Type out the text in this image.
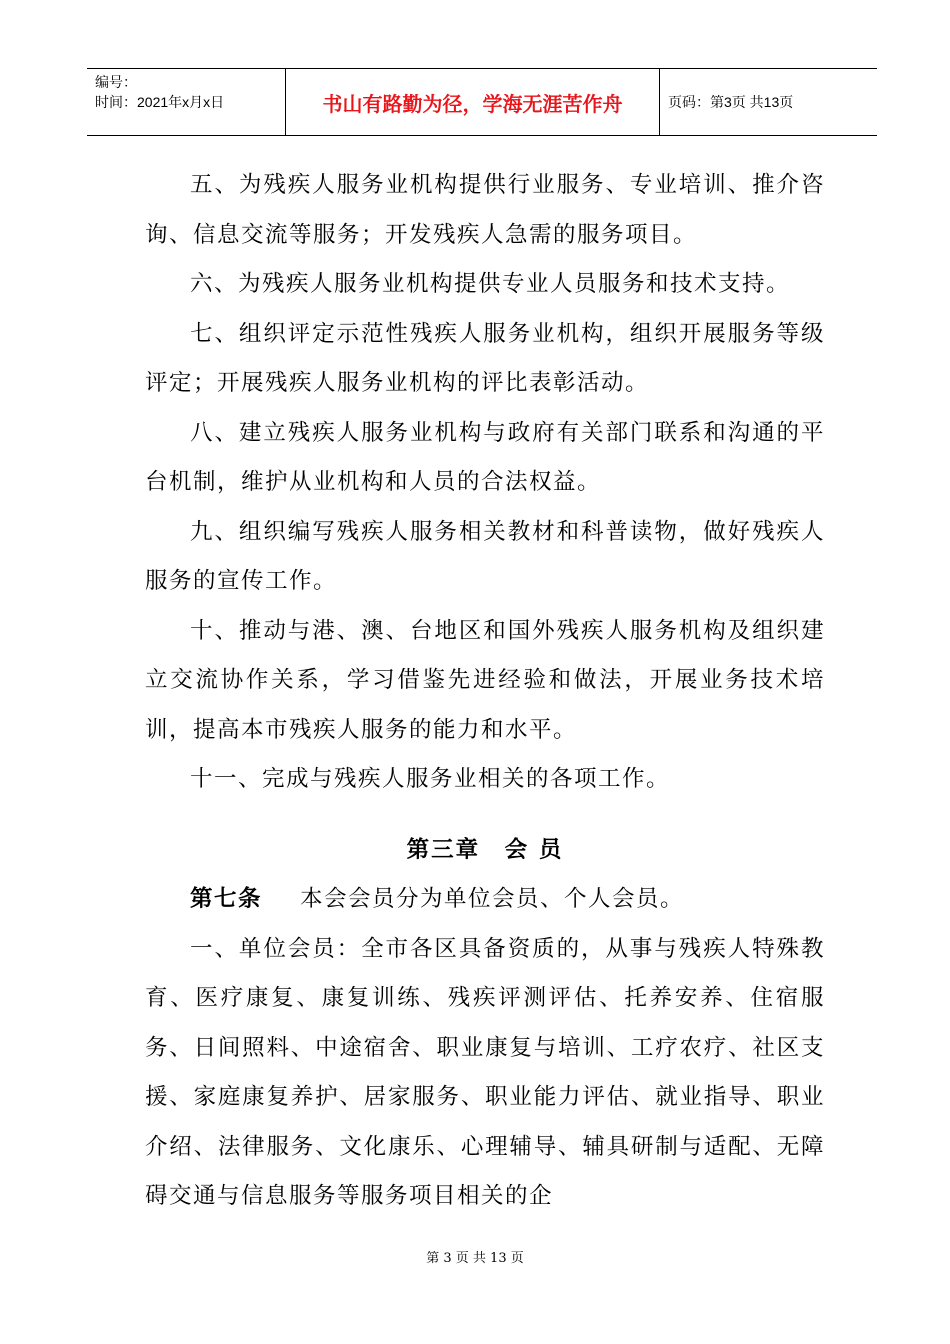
编号：
时间：2021年x月x日	书山有路勤为径，学海无涯苦作舟	页码：第3页 共13页

五、为残疾人服务业机构提供行业服务、专业培训、推介咨询、信息交流等服务；开发残疾人急需的服务项目。

六、为残疾人服务业机构提供专业人员服务和技术支持。

七、组织评定示范性残疾人服务业机构，组织开展服务等级评定；开展残疾人服务业机构的评比表彰活动。

八、建立残疾人服务业机构与政府有关部门联系和沟通的平台机制，维护从业机构和人员的合法权益。

九、组织编写残疾人服务相关教材和科普读物，做好残疾人服务的宣传工作。

十、推动与港、澳、台地区和国外残疾人服务机构及组织建立交流协作关系，学习借鉴先进经验和做法，开展业务技术培训，提高本市残疾人服务的能力和水平。

十一、完成与残疾人服务业相关的各项工作。

第三章　会 员

第七条 本会会员分为单位会员、个人会员。

一、单位会员：全市各区具备资质的，从事与残疾人特殊教育、医疗康复、康复训练、残疾评测评估、托养安养、住宿服务、日间照料、中途宿舍、职业康复与培训、工疗农疗、社区支援、家庭康复养护、居家服务、职业能力评估、就业指导、职业介绍、法律服务、文化康乐、心理辅导、辅具研制与适配、无障碍交通与信息服务等服务项目相关的企

第 3 页 共 13 页
